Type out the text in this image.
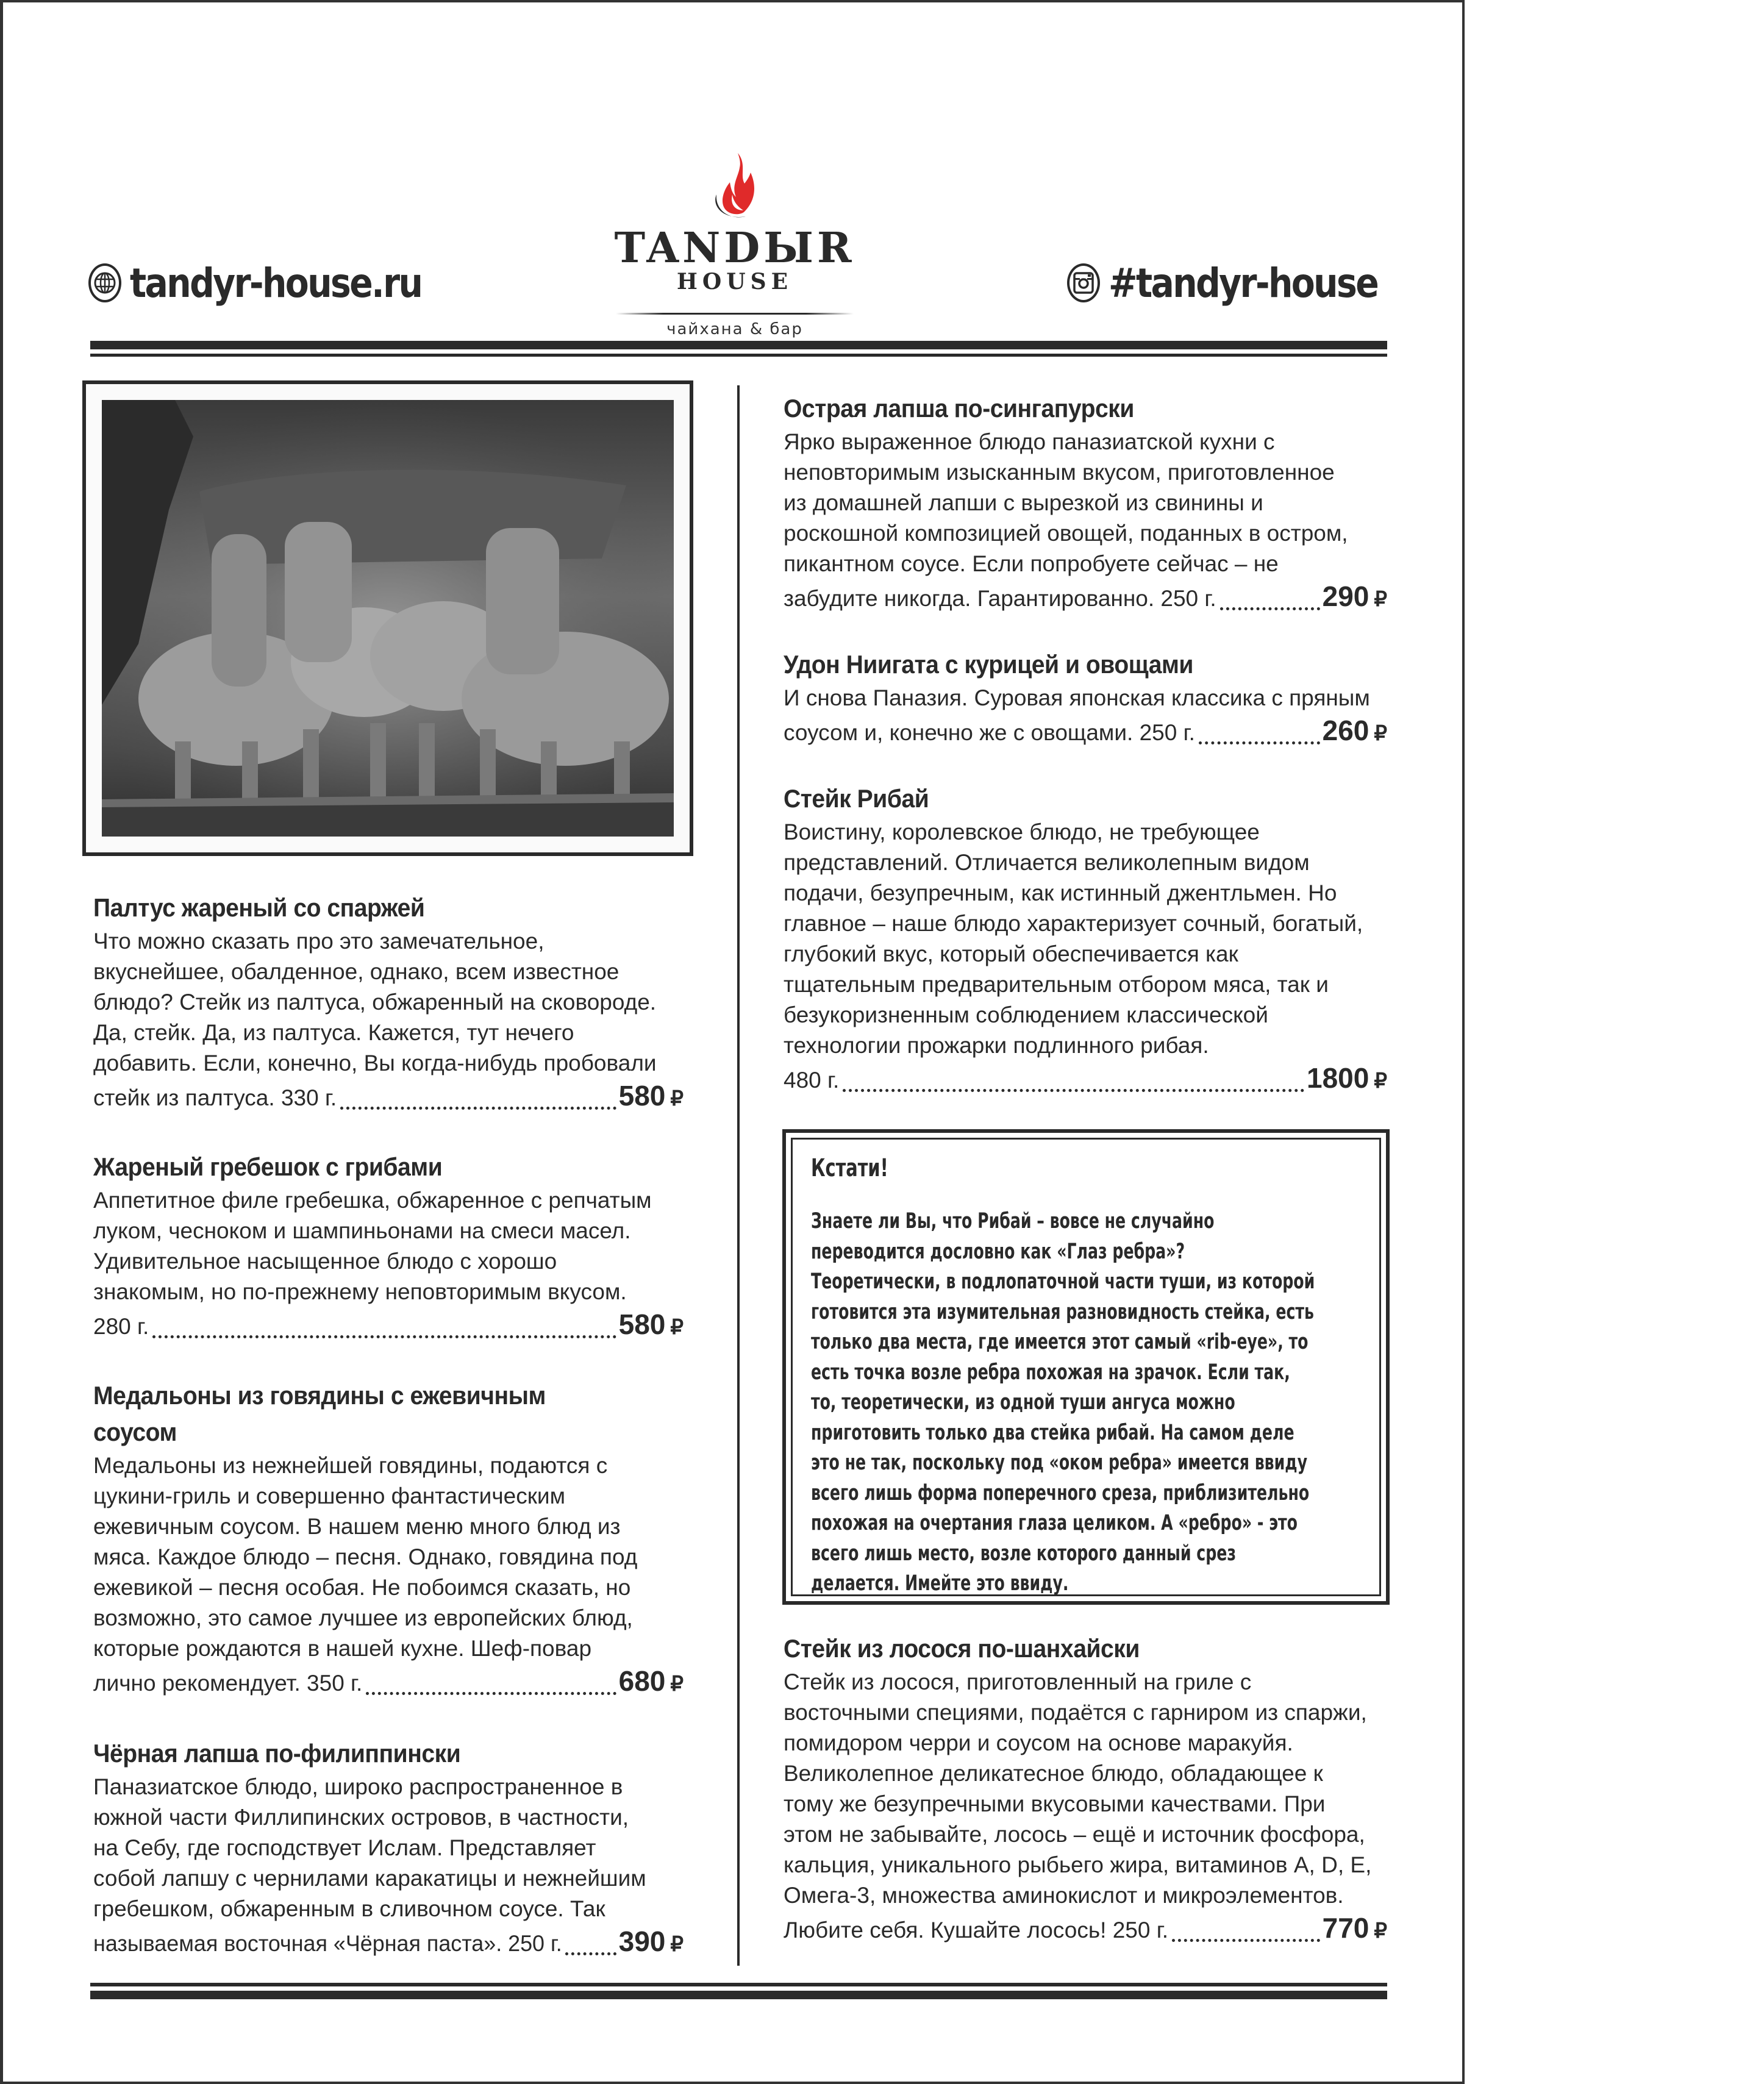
tandyr-house.ru
TANDЫR
HOUSE
чайхана & бар
#tandyr-house
Палтус жареный со спаржей
Что можно сказать про это замечательное,
вкуснейшее, обалденное, однако, всем известное
блюдо? Стейк из палтуса, обжаренный на сковороде.
Да, стейк. Да, из палтуса. Кажется, тут нечего
добавить. Если, конечно, Вы когда-нибудь пробовали
стейк из палтуса. 330 г.	580 ₽
Жареный гребешок с грибами
Аппетитное филе гребешка, обжаренное с репчатым
луком, чесноком и шампиньонами на смеси масел.
Удивительное насыщенное блюдо с хорошо
знакомым, но по-прежнему неповторимым вкусом.
280 г.	580 ₽
Медальоны из говядины с ежевичным
соусом
Медальоны из нежнейшей говядины, подаются с
цукини-гриль и совершенно фантастическим
ежевичным соусом. В нашем меню много блюд из
мяса. Каждое блюдо – песня. Однако, говядина под
ежевикой – песня особая. Не побоимся сказать, но
возможно, это самое лучшее из европейских блюд,
которые рождаются в нашей кухне. Шеф-повар
лично рекомендует. 350 г.	680 ₽
Чёрная лапша по-филиппински
Паназиатское блюдо, широко распространенное в
южной части Филлипинских островов, в частности,
на Себу, где господствует Ислам. Представляет
собой лапшу с чернилами каракатицы и нежнейшим
гребешком, обжаренным в сливочном соусе. Так
называемая восточная «Чёрная паста». 250 г. 390 ₽
Острая лапша по-сингапурски
Ярко выраженное блюдо паназиатской кухни с
неповторимым изысканным вкусом, приготовленное
из домашней лапши с вырезкой из свинины и
роскошной композицией овощей, поданных в остром,
пикантном соусе. Если попробуете сейчас – не
забудите никогда. Гарантированно. 250 г.	290 ₽
Удон Ниигата с курицей и овощами
И снова Паназия. Суровая японская классика с пряным
соусом и, конечно же с овощами. 250 г.	260 ₽
Стейк Рибай
Воистину, королевское блюдо, не требующее
представлений. Отличается великолепным видом
подачи, безупречным, как истинный джентльмен. Но
главное – наше блюдо характеризует сочный, богатый,
глубокий вкус, который обеспечивается как
тщательным предварительным отбором мяса, так и
безукоризненным соблюдением классической
технологии прожарки подлинного рибая.
480 г.	1800 ₽
Стейк из лосося по-шанхайски
Стейк из лосося, приготовленный на гриле с
восточными специями, подаётся с гарниром из спаржи,
помидором черри и соусом на основе маракуйя.
Великолепное деликатесное блюдо, обладающее к
тому же безупречными вкусовыми качествами. При
этом не забывайте, лосось – ещё и источник фосфора,
кальция, уникального рыбьего жира, витаминов A, D, E,
Омега-3, множества аминокислот и микроэлементов.
Любите себя. Кушайте лосось! 250 г.	770 ₽
Кстати!
Знаете ли Вы, что Рибай – вовсе не случайно
переводится дословно как «Глаз ребра»?
Теоретически, в подлопаточной части туши, из которой
готовится эта изумительная разновидность стейка, есть
только два места, где имеется этот самый «rib-eye», то
есть точка возле ребра похожая на зрачок. Если так,
то, теоретически, из одной туши ангуса можно
приготовить только два стейка рибай. На самом деле
это не так, поскольку под «оком ребра» имеется ввиду
всего лишь форма поперечного среза, приблизительно
похожая на очертания глаза целиком. А «ребро» - это
всего лишь место, возле которого данный срез
делается. Имейте это ввиду.
